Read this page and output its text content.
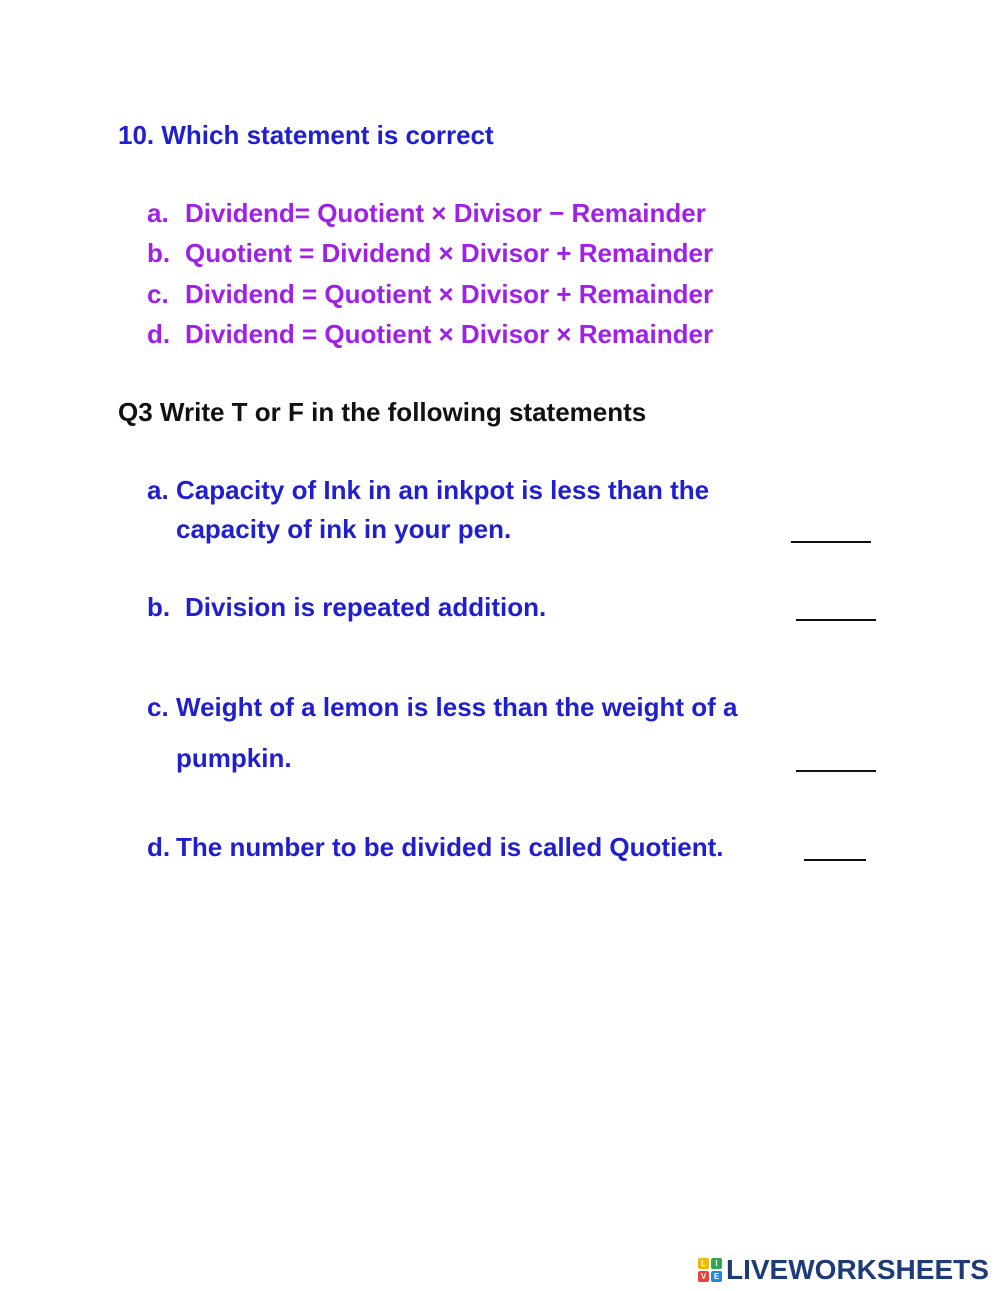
10. Which statement is correct
a. Dividend= Quotient × Divisor − Remainder
b. Quotient = Dividend × Divisor + Remainder
c. Dividend = Quotient × Divisor + Remainder
d. Dividend = Quotient × Divisor × Remainder
Q3 Write T or F in the following statements
a. Capacity of Ink in an inkpot is less than the
capacity of ink in your pen.
b. Division is repeated addition.
c. Weight of a lemon is less than the weight of a
pumpkin.
d. The number to be divided is called Quotient.
L	I
V E LIVEWORKSHEETS
